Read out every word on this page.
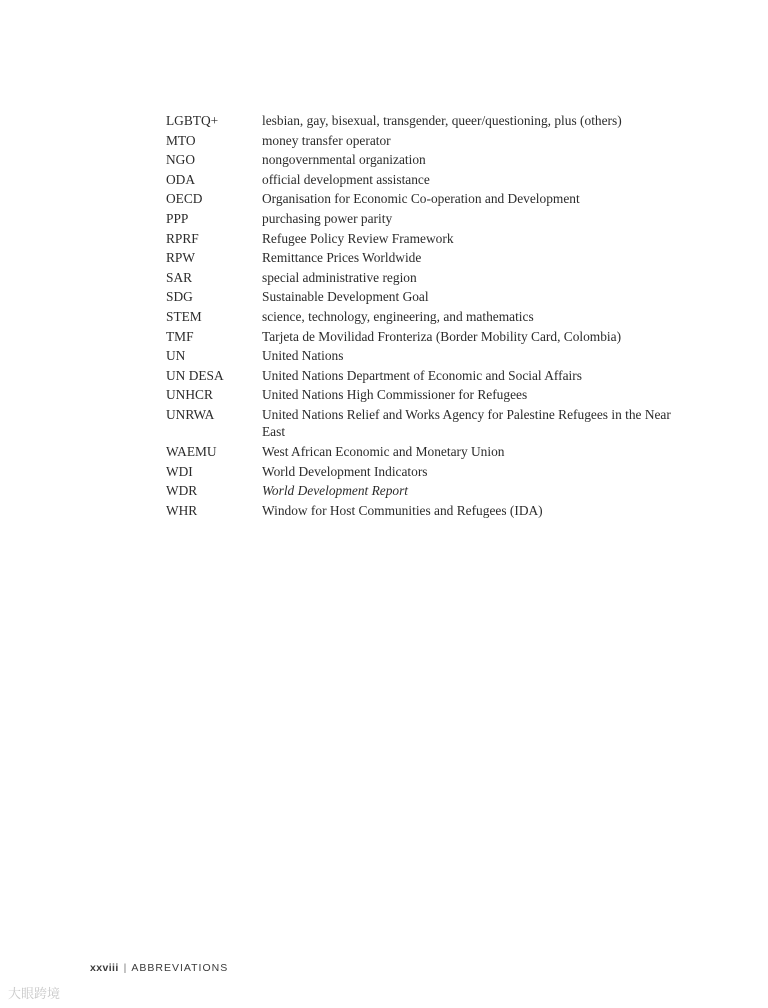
LGBTQ+	lesbian, gay, bisexual, transgender, queer/questioning, plus (others)
MTO	money transfer operator
NGO	nongovernmental organization
ODA	official development assistance
OECD	Organisation for Economic Co-operation and Development
PPP	purchasing power parity
RPRF	Refugee Policy Review Framework
RPW	Remittance Prices Worldwide
SAR	special administrative region
SDG	Sustainable Development Goal
STEM	science, technology, engineering, and mathematics
TMF	Tarjeta de Movilidad Fronteriza (Border Mobility Card, Colombia)
UN	United Nations
UN DESA	United Nations Department of Economic and Social Affairs
UNHCR	United Nations High Commissioner for Refugees
UNRWA	United Nations Relief and Works Agency for Palestine Refugees in the Near East
WAEMU	West African Economic and Monetary Union
WDI	World Development Indicators
WDR	World Development Report
WHR	Window for Host Communities and Refugees (IDA)
xxviii | ABBREVIATIONS
大眼跨境
